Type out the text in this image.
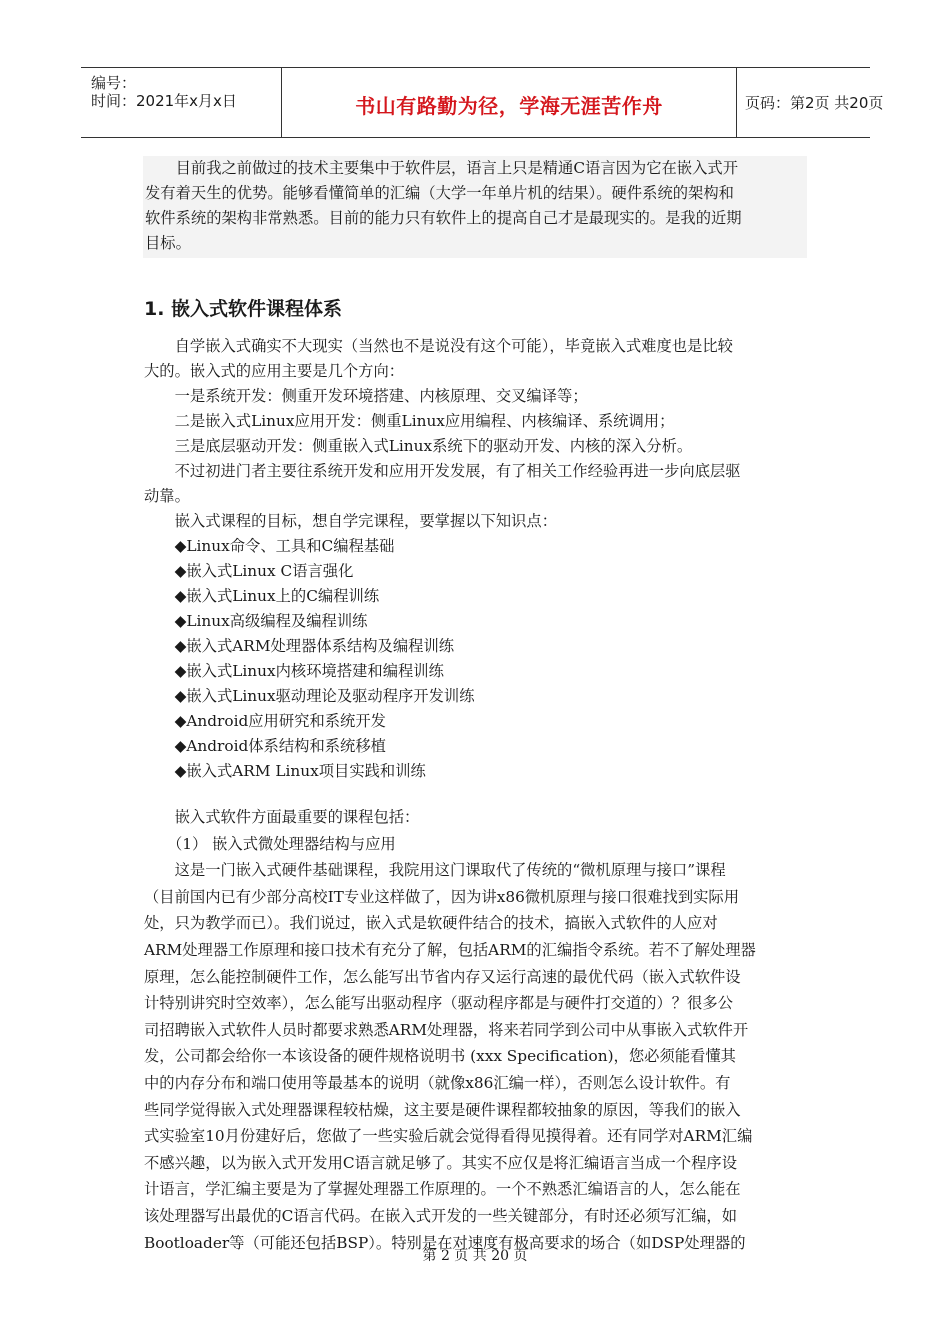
编号：
时间：2021年x月x日	书山有路勤为径，学海无涯苦作舟	页码：第2页 共20页

　　目前我之前做过的技术主要集中于软件层，语言上只是精通C语言因为它在嵌入式开

发有着天生的优势。能够看懂简单的汇编（大学一年单片机的结果）。硬件系统的架构和

软件系统的架构非常熟悉。目前的能力只有软件上的提高自己才是最现实的。是我的近期

目标。

1. 嵌入式软件课程体系
　　自学嵌入式确实不大现实（当然也不是说没有这个可能），毕竟嵌入式难度也是比较
大的。嵌入式的应用主要是几个方向：
　　一是系统开发：侧重开发环境搭建、内核原理、交叉编译等；
　　二是嵌入式Linux应用开发：侧重Linux应用编程、内核编译、系统调用；
　　三是底层驱动开发：侧重嵌入式Linux系统下的驱动开发、内核的深入分析。
　　不过初进门者主要往系统开发和应用开发发展，有了相关工作经验再进一步向底层驱
动靠。
　　嵌入式课程的目标，想自学完课程，要掌握以下知识点：
　　◆Linux命令、工具和C编程基础
　　◆嵌入式Linux C语言强化
　　◆嵌入式Linux上的C编程训练
　　◆Linux高级编程及编程训练
　　◆嵌入式ARM处理器体系结构及编程训练
　　◆嵌入式Linux内核环境搭建和编程训练
　　◆嵌入式Linux驱动理论及驱动程序开发训练
　　◆Android应用研究和系统开发
　　◆Android体系结构和系统移植
　　◆嵌入式ARM Linux项目实践和训练
　　嵌入式软件方面最重要的课程包括：
　　（1） 嵌入式微处理器结构与应用
　　这是一门嵌入式硬件基础课程，我院用这门课取代了传统的“微机原理与接口”课程
（目前国内已有少部分高校IT专业这样做了，因为讲x86微机原理与接口很难找到实际用
处，只为教学而已）。我们说过，嵌入式是软硬件结合的技术，搞嵌入式软件的人应对
ARM处理器工作原理和接口技术有充分了解，包括ARM的汇编指令系统。若不了解处理器
原理，怎么能控制硬件工作，怎么能写出节省内存又运行高速的最优代码（嵌入式软件设
计特别讲究时空效率），怎么能写出驱动程序（驱动程序都是与硬件打交道的）？很多公
司招聘嵌入式软件人员时都要求熟悉ARM处理器，将来若同学到公司中从事嵌入式软件开
发，公司都会给你一本该设备的硬件规格说明书 (xxx Specification)，您必须能看懂其
中的内存分布和端口使用等最基本的说明（就像x86汇编一样），否则怎么设计软件。有
些同学觉得嵌入式处理器课程较枯燥，这主要是硬件课程都较抽象的原因，等我们的嵌入
式实验室10月份建好后，您做了一些实验后就会觉得看得见摸得着。还有同学对ARM汇编
不感兴趣，以为嵌入式开发用C语言就足够了。其实不应仅是将汇编语言当成一个程序设
计语言，学汇编主要是为了掌握处理器工作原理的。一个不熟悉汇编语言的人，怎么能在
该处理器写出最优的C语言代码。在嵌入式开发的一些关键部分，有时还必须写汇编，如
Bootloader等（可能还包括BSP）。特别是在对速度有极高要求的场合（如DSP处理器的
第 2 页 共 20 页
